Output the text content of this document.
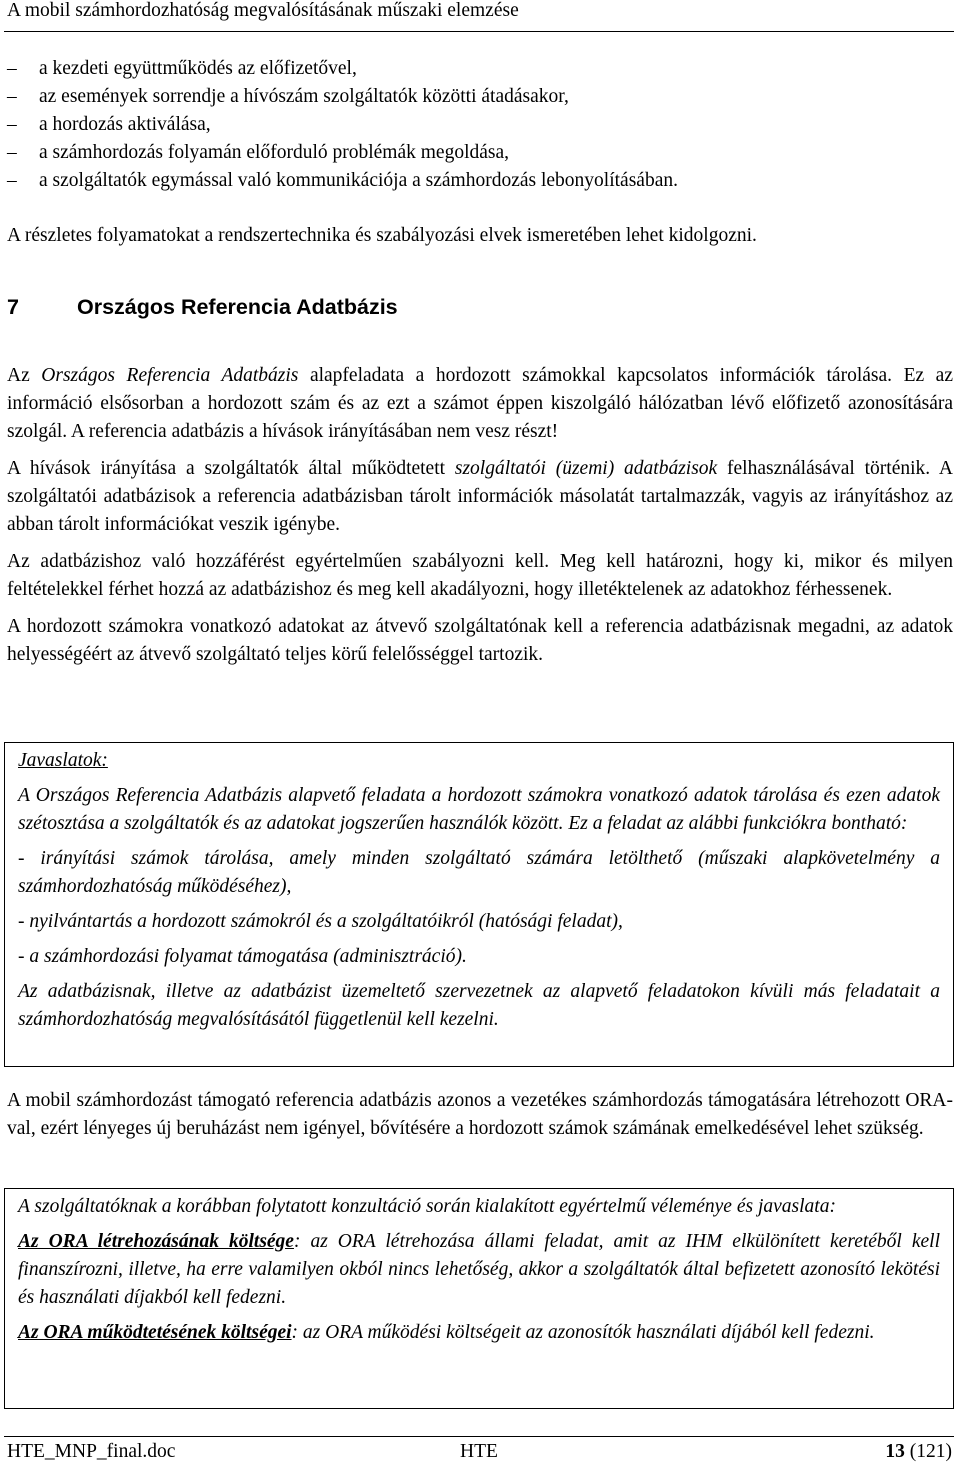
A mobil számhordozhatóság megvalósításának műszaki elemzése
– a kezdeti együttműködés az előfizetővel,
– az események sorrendje a hívószám szolgáltatók közötti átadásakor,
– a hordozás aktiválása,
– a számhordozás folyamán előforduló problémák megoldása,
– a szolgáltatók egymással való kommunikációja a számhordozás lebonyolításában.

A részletes folyamatokat a rendszertechnika és szabályozási elvek ismeretében lehet kidolgozni.

7	Országos Referencia Adatbázis

Az Országos Referencia Adatbázis alapfeladata a hordozott számokkal kapcsolatos információk tárolása. Ez az információ elsősorban a hordozott szám és az ezt a számot éppen kiszolgáló hálózatban lévő előfizető azonosítására szolgál. A referencia adatbázis a hívások irányításában nem vesz részt!

A hívások irányítása a szolgáltatók által működtetett szolgáltatói (üzemi) adatbázisok felhasználásával történik. A szolgáltatói adatbázisok a referencia adatbázisban tárolt információk másolatát tartalmazzák, vagyis az irányításhoz az abban tárolt információkat veszik igénybe.

Az adatbázishoz való hozzáférést egyértelműen szabályozni kell. Meg kell határozni, hogy ki, mikor és milyen feltételekkel férhet hozzá az adatbázishoz és meg kell akadályozni, hogy illetéktelenek az adatokhoz férhessenek.

A hordozott számokra vonatkozó adatokat az átvevő szolgáltatónak kell a referencia adatbázisnak megadni, az adatok helyességéért az átvevő szolgáltató teljes körű felelősséggel tartozik.

Javaslatok:

A Országos Referencia Adatbázis alapvető feladata a hordozott számokra vonatkozó adatok tárolása és ezen adatok szétosztása a szolgáltatók és az adatokat jogszerűen használók között. Ez a feladat az alábbi funkciókra bontható:

- irányítási számok tárolása, amely minden szolgáltató számára letölthető (műszaki alapkövetelmény a számhordozhatóság működéséhez),

- nyilvántartás a hordozott számokról és a szolgáltatóikról (hatósági feladat),

- a számhordozási folyamat támogatása (adminisztráció).

Az adatbázisnak, illetve az adatbázist üzemeltető szervezetnek az alapvető feladatokon kívüli más feladatait a számhordozhatóság megvalósításától függetlenül kell kezelni.

A mobil számhordozást támogató referencia adatbázis azonos a vezetékes számhordozás támogatására létrehozott ORA-val, ezért lényeges új beruházást nem igényel, bővítésére a hordozott számok számának emelkedésével lehet szükség.

A szolgáltatóknak a korábban folytatott konzultáció során kialakított egyértelmű véleménye és javaslata:

Az ORA létrehozásának költsége: az ORA létrehozása állami feladat, amit az IHM elkülönített keretéből kell finanszírozni, illetve, ha erre valamilyen okból nincs lehetőség, akkor a szolgáltatók által befizetett azonosító lekötési és használati díjakból kell fedezni.

Az ORA működtetésének költségei: az ORA működési költségeit az azonosítók használati díjából kell fedezni.

HTE_MNP_final.doc	HTE	13 (121)
